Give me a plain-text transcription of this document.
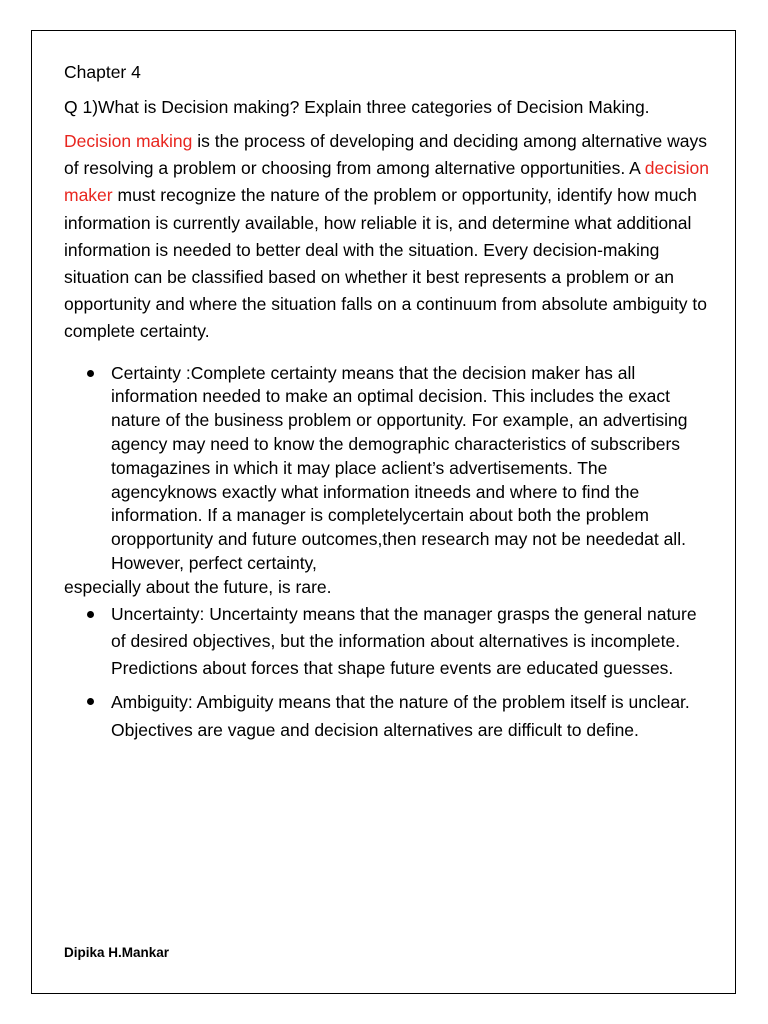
Chapter 4

Q 1)What is Decision making? Explain three categories of Decision Making.

Decision making is the process of developing and deciding among alternative ways of resolving a problem or choosing from among alternative opportunities. A decision maker must recognize the nature of the problem or opportunity, identify how much information is currently available, how reliable it is, and determine what additional information is needed to better deal with the situation. Every decision-making situation can be classified based on whether it best represents a problem or an opportunity and where the situation falls on a continuum from absolute ambiguity to complete certainty.

Certainty :Complete certainty means that the decision maker has all information needed to make an optimal decision. This includes the exact nature of the business problem or opportunity. For example, an advertising agency may need to know the demographic characteristics of subscribers tomagazines in which it may place aclient’s advertisements. The agencyknows exactly what information itneeds and where to find the information. If a manager is completelycertain about both the problem oropportunity and future outcomes,then research may not be neededat all. However, perfect certainty,
especially about the future, is rare.
Uncertainty: Uncertainty means that the manager grasps the general nature of desired objectives, but the information about alternatives is incomplete. Predictions about forces that shape future events are educated guesses.
Ambiguity: Ambiguity means that the nature of the problem itself is unclear. Objectives are vague and decision alternatives are difficult to define.
Dipika H.Mankar
